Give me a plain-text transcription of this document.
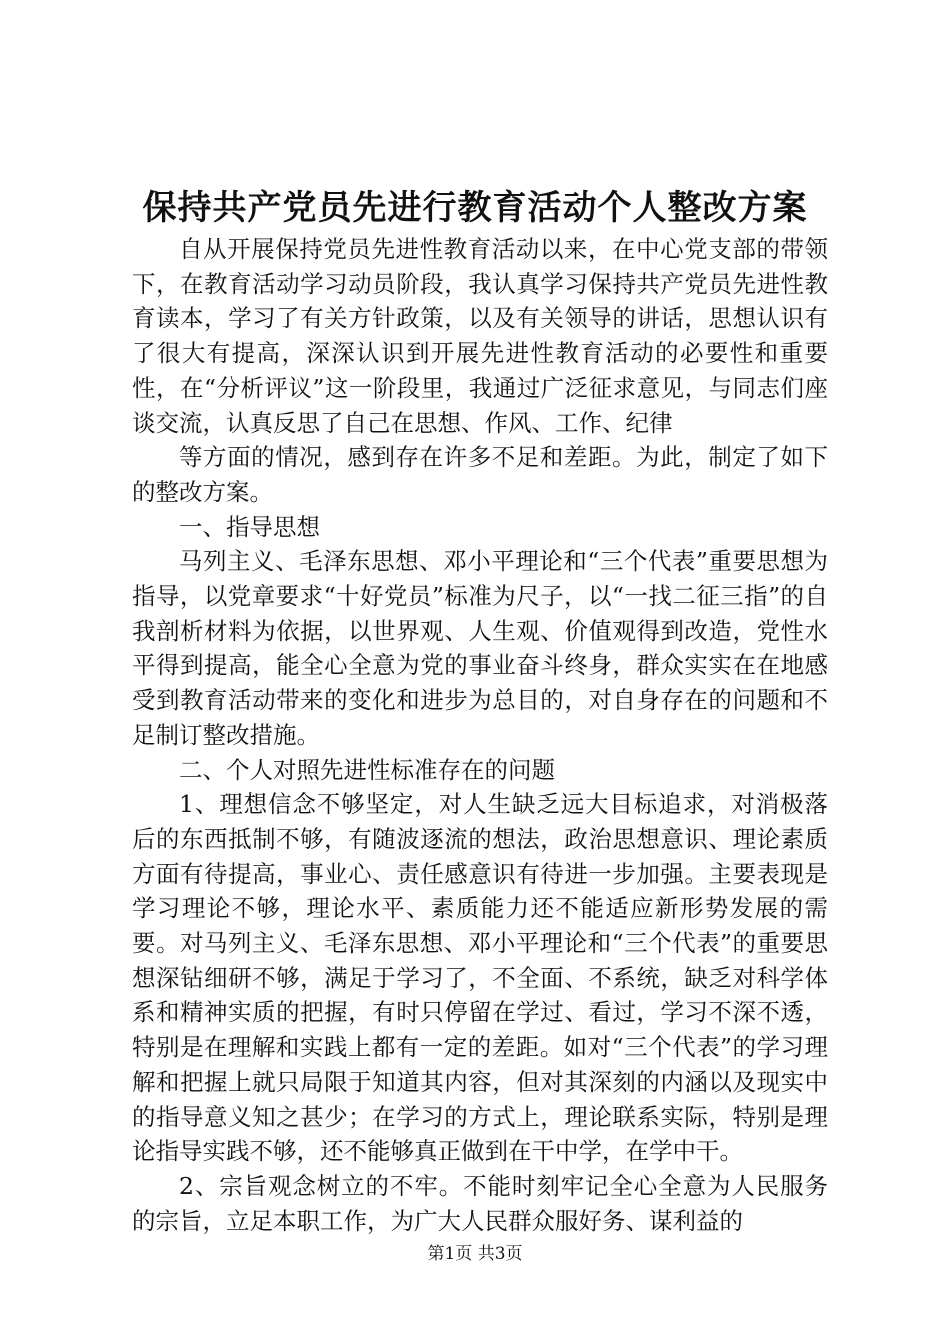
保持共产党员先进行教育活动个人整改方案

自从开展保持党员先进性教育活动以来，在中心党支部的带领下，在教育活动学习动员阶段，我认真学习保持共产党员先进性教育读本，学习了有关方针政策，以及有关领导的讲话，思想认识有了很大有提高，深深认识到开展先进性教育活动的必要性和重要性，在“分析评议”这一阶段里，我通过广泛征求意见，与同志们座谈交流，认真反思了自己在思想、作风、工作、纪律

等方面的情况，感到存在许多不足和差距。为此，制定了如下的整改方案。

一、指导思想

马列主义、毛泽东思想、邓小平理论和“三个代表”重要思想为指导，以党章要求“十好党员”标准为尺子，以“一找二征三指”的自我剖析材料为依据，以世界观、人生观、价值观得到改造，党性水平得到提高，能全心全意为党的事业奋斗终身，群众实实在在地感受到教育活动带来的变化和进步为总目的，对自身存在的问题和不足制订整改措施。

二、个人对照先进性标准存在的问题

1、理想信念不够坚定，对人生缺乏远大目标追求，对消极落后的东西抵制不够，有随波逐流的想法，政治思想意识、理论素质方面有待提高，事业心、责任感意识有待进一步加强。主要表现是学习理论不够，理论水平、素质能力还不能适应新形势发展的需要。对马列主义、毛泽东思想、邓小平理论和“三个代表”的重要思想深钻细研不够，满足于学习了，不全面、不系统，缺乏对科学体系和精神实质的把握，有时只停留在学过、看过，学习不深不透，特别是在理解和实践上都有一定的差距。如对“三个代表”的学习理解和把握上就只局限于知道其内容，但对其深刻的内涵以及现实中的指导意义知之甚少；在学习的方式上，理论联系实际，特别是理论指导实践不够，还不能够真正做到在干中学，在学中干。

2、宗旨观念树立的不牢。不能时刻牢记全心全意为人民服务的宗旨，立足本职工作，为广大人民群众服好务、谋利益的

第1页 共3页
